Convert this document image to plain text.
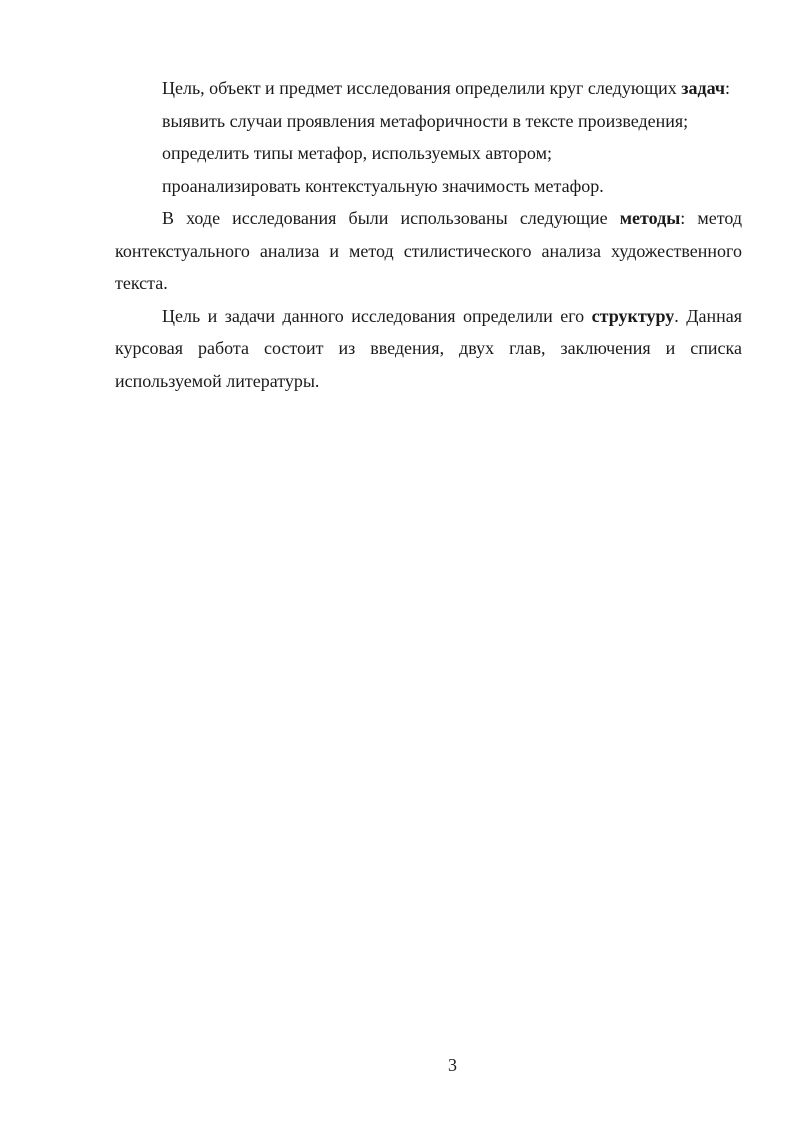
Цель, объект и предмет исследования определили круг следующих задач:

выявить случаи проявления метафоричности в тексте произведения;

определить типы метафор, используемых автором;

проанализировать контекстуальную значимость метафор.

В ходе исследования были использованы следующие методы: метод контекстуального анализа и метод стилистического анализа художественного текста.

Цель и задачи данного исследования определили его структуру. Данная курсовая работа состоит из введения, двух глав, заключения и списка используемой литературы.

3
